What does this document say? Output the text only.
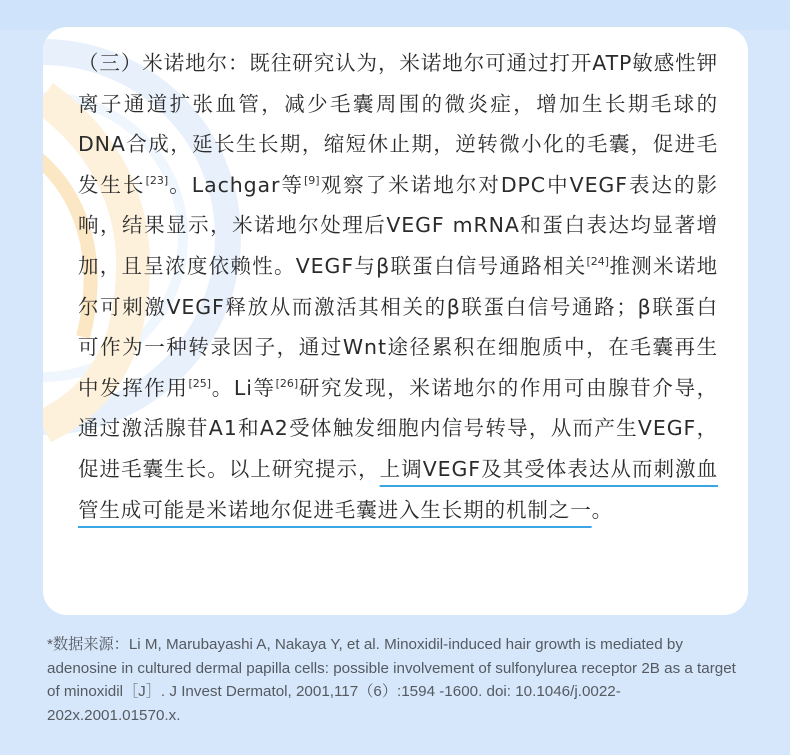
（三）米诺地尔：既往研究认为，米诺地尔可通过打开ATP敏感性钾离子通道扩张血管，减少毛囊周围的微炎症，增加生长期毛球的DNA合成，延长生长期，缩短休止期，逆转微小化的毛囊，促进毛发生长[23]。Lachgar等[9]观察了米诺地尔对DPC中VEGF表达的影响，结果显示，米诺地尔处理后VEGF mRNA和蛋白表达均显著增加，且呈浓度依赖性。VEGF与β联蛋白信号通路相关[24]推测米诺地尔可刺激VEGF释放从而激活其相关的β联蛋白信号通路；β联蛋白可作为一种转录因子，通过Wnt途径累积在细胞质中，在毛囊再生中发挥作用[25]。Li等[26]研究发现，米诺地尔的作用可由腺苷介导，通过激活腺苷A1和A2受体触发细胞内信号转导，从而产生VEGF，促进毛囊生长。以上研究提示，上调VEGF及其受体表达从而刺激血管生成可能是米诺地尔促进毛囊进入生长期的机制之一。

*数据来源：Li M, Marubayashi A, Nakaya Y, et al. Minoxidil-induced hair growth is mediated by adenosine in cultured dermal papilla cells: possible involvement of sulfonylurea receptor 2B as a target of minoxidil［J］. J Invest Dermatol, 2001,117（6）:1594 -1600. doi: 10.1046/j.0022-202x.2001.01570.x.
